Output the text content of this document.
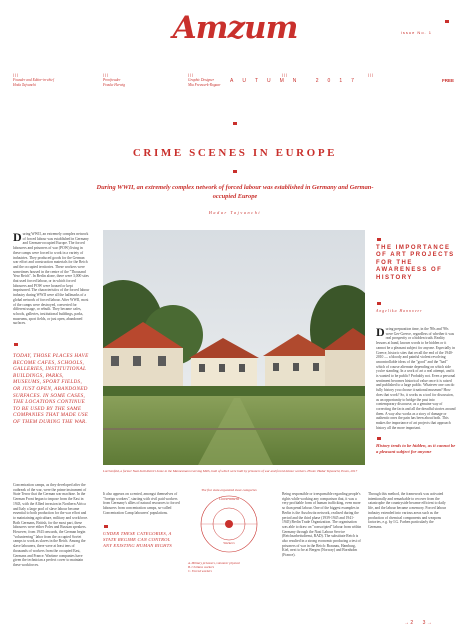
Amzum	issue No. 1
| | |	| | |	| | |	| | |	| | |
Founder and Editor-in-chief
Hoda Tajvanchi
Proofreader
Frauke Herwig
Graphic Designer
Mia Freuwerk-Rogaar
AUTUMN 2017	FREE
CRIME SCENES IN EUROPE
During WWII, an extremely complex network of forced labour was established in Germany and German-occupied Europe
Hadar Tajvanchi
During WWII, an extremely complex network of forced labour was established in Germany and German-occupied Europe. The forced labourers and prisoners of war (POW) living in these camps were forced to work in a variety of industries. They produced goods for the German war effort and construction materials for the Reich and the occupied territories. These workers were sometimes housed in the centre of the "Thousand Year Reich". In Berlin alone, there were 3,000 sites that used forced labour, or in which forced labourers and POW were housed or kept imprisoned. The characteristics of the forced labour industry during WWII were all the hallmarks of a global network of forced labour. After WWII, most of the camps were destroyed, converted for different usage, or rebuilt. They became cafes, schools, galleries, institutional buildings, parks, museums, sport fields, or just open, abandoned surfaces.
TODAY, THOSE PLACES HAVE BECOME CAFES, SCHOOLS, GALLERIES, INSTITUTIONAL BUILDINGS, PARKS, MUSEUMS, SPORT FIELDS, OR JUST OPEN, ABANDONED SURFACES. IN SOME CASES, THE LOCATIONS CONTINUE TO BE USED BY THE SAME COMPANIES THAT MADE USE OF THEM DURING THE WAR.
Concentration camps, as they developed after the outbreak of the war, were the prime instrument of State Terror that the German war machine. In the German Front began to impose from the East in 1943, with the Allied invasion in Northern Africa and Italy a large pool of slave labour became essential to both production for the war effort and to maintaining agriculture, military and workforce. Both Germans, British, for the most part, these labourers were either Poles and Russian speakers. However, from 1943 onwards, the German begin "volunteering" labor from the occupied Soviet camps to work as slaves in the Reich. Among the slave labourers, there were at least tens of thousands of workers from the occupied East, Germans and France. Wartime companies have given the technician a perfect cover to maintain these workforces.
Lorchenfeld, a former Nazi built district home to the Mannesmann Gersing Mills, both of which were built by prisoners of war and forced labour workers. Photo: Hadar Tajvanchi, Essen, 2017
It also appears on a rented, amongst themselves of "foreign workers", starting with civil paid workers from Germany's allies of natural resources to forced labourers from concentration camps, so-called Concentration Camp labourers' populations.
UNDER THESE CATEGORIES, A STATE REGIME CAN CONTROL ANY EXISTING HUMAN RIGHTS
The five state-organized slave categories
Government
Workers
A. Military prisoners, volunteer physical
B. Civilians workers
C. Forced workers
Being responsible or irresponsible regarding people's rights while working any comparison that, it was a very profitable form of human trafficking, even more so than penal labour. One of the biggest examples in Berlin is the Auschwitz network, realised during the period and the third phase (1939-1945 and 1941-1945) Berlin Trade Organization. The organisation was able to draw on "conscripted" labour from within Germany through the Nazi Labour Service (Reichsarbeitsdienst, RAD). The substitute Reich is also resulted in a strong economic producing a test of prisoners of war in the Reich: Braunau, Hamburg, Kiel, next to be at Bergen (Norway) and Bornholm (France).
Through this method, the framework was activated intentionally and remarkable to recover from the catastrophe the countryside became efficient to daily life, and the labour became a memory. Forced labour industry extended into various areas such as the production of chemical components and weapons factories, e.g. by I.G. Farben particularly the Germans.
THE IMPORTANCE OF ART PROJECTS FOR THE AWARENESS OF HISTORY
Angelika Hannover
During preparation time, in the '80s and '90s were Ger-Greece, regardless of whether it was real prosperity or a hidden truth. Reality lessons at hand, known words to be hidden or it cannot be a pleasant subject for anyone. Especially in Greece, historic sites that recall the end of the 1940-2010 — a bloody and painful violent revolving uncontrollable ideas of the "good" and the "bad" which of course alternate depending on which side you're standing. In a work of art a real attempt, and it is wanted to be public? Probably not. Even a personal sentiment becomes historical value once it is raised and published to a large public. Whatever one can do fully history you choose it national museum? How does that work? So, it works as a tool for discussion, as an opportunity to bridge the past into contemporary discourse, as a genuine way of correcting the facts and all the dreadful stories around them. A way also works as a story of damage or authentic ones the pain has been about both. This makes the importance of art projects that approach history all the more important.
History tends to be hidden, as it cannot be a pleasant subject for anyone
→ 2 3 →
